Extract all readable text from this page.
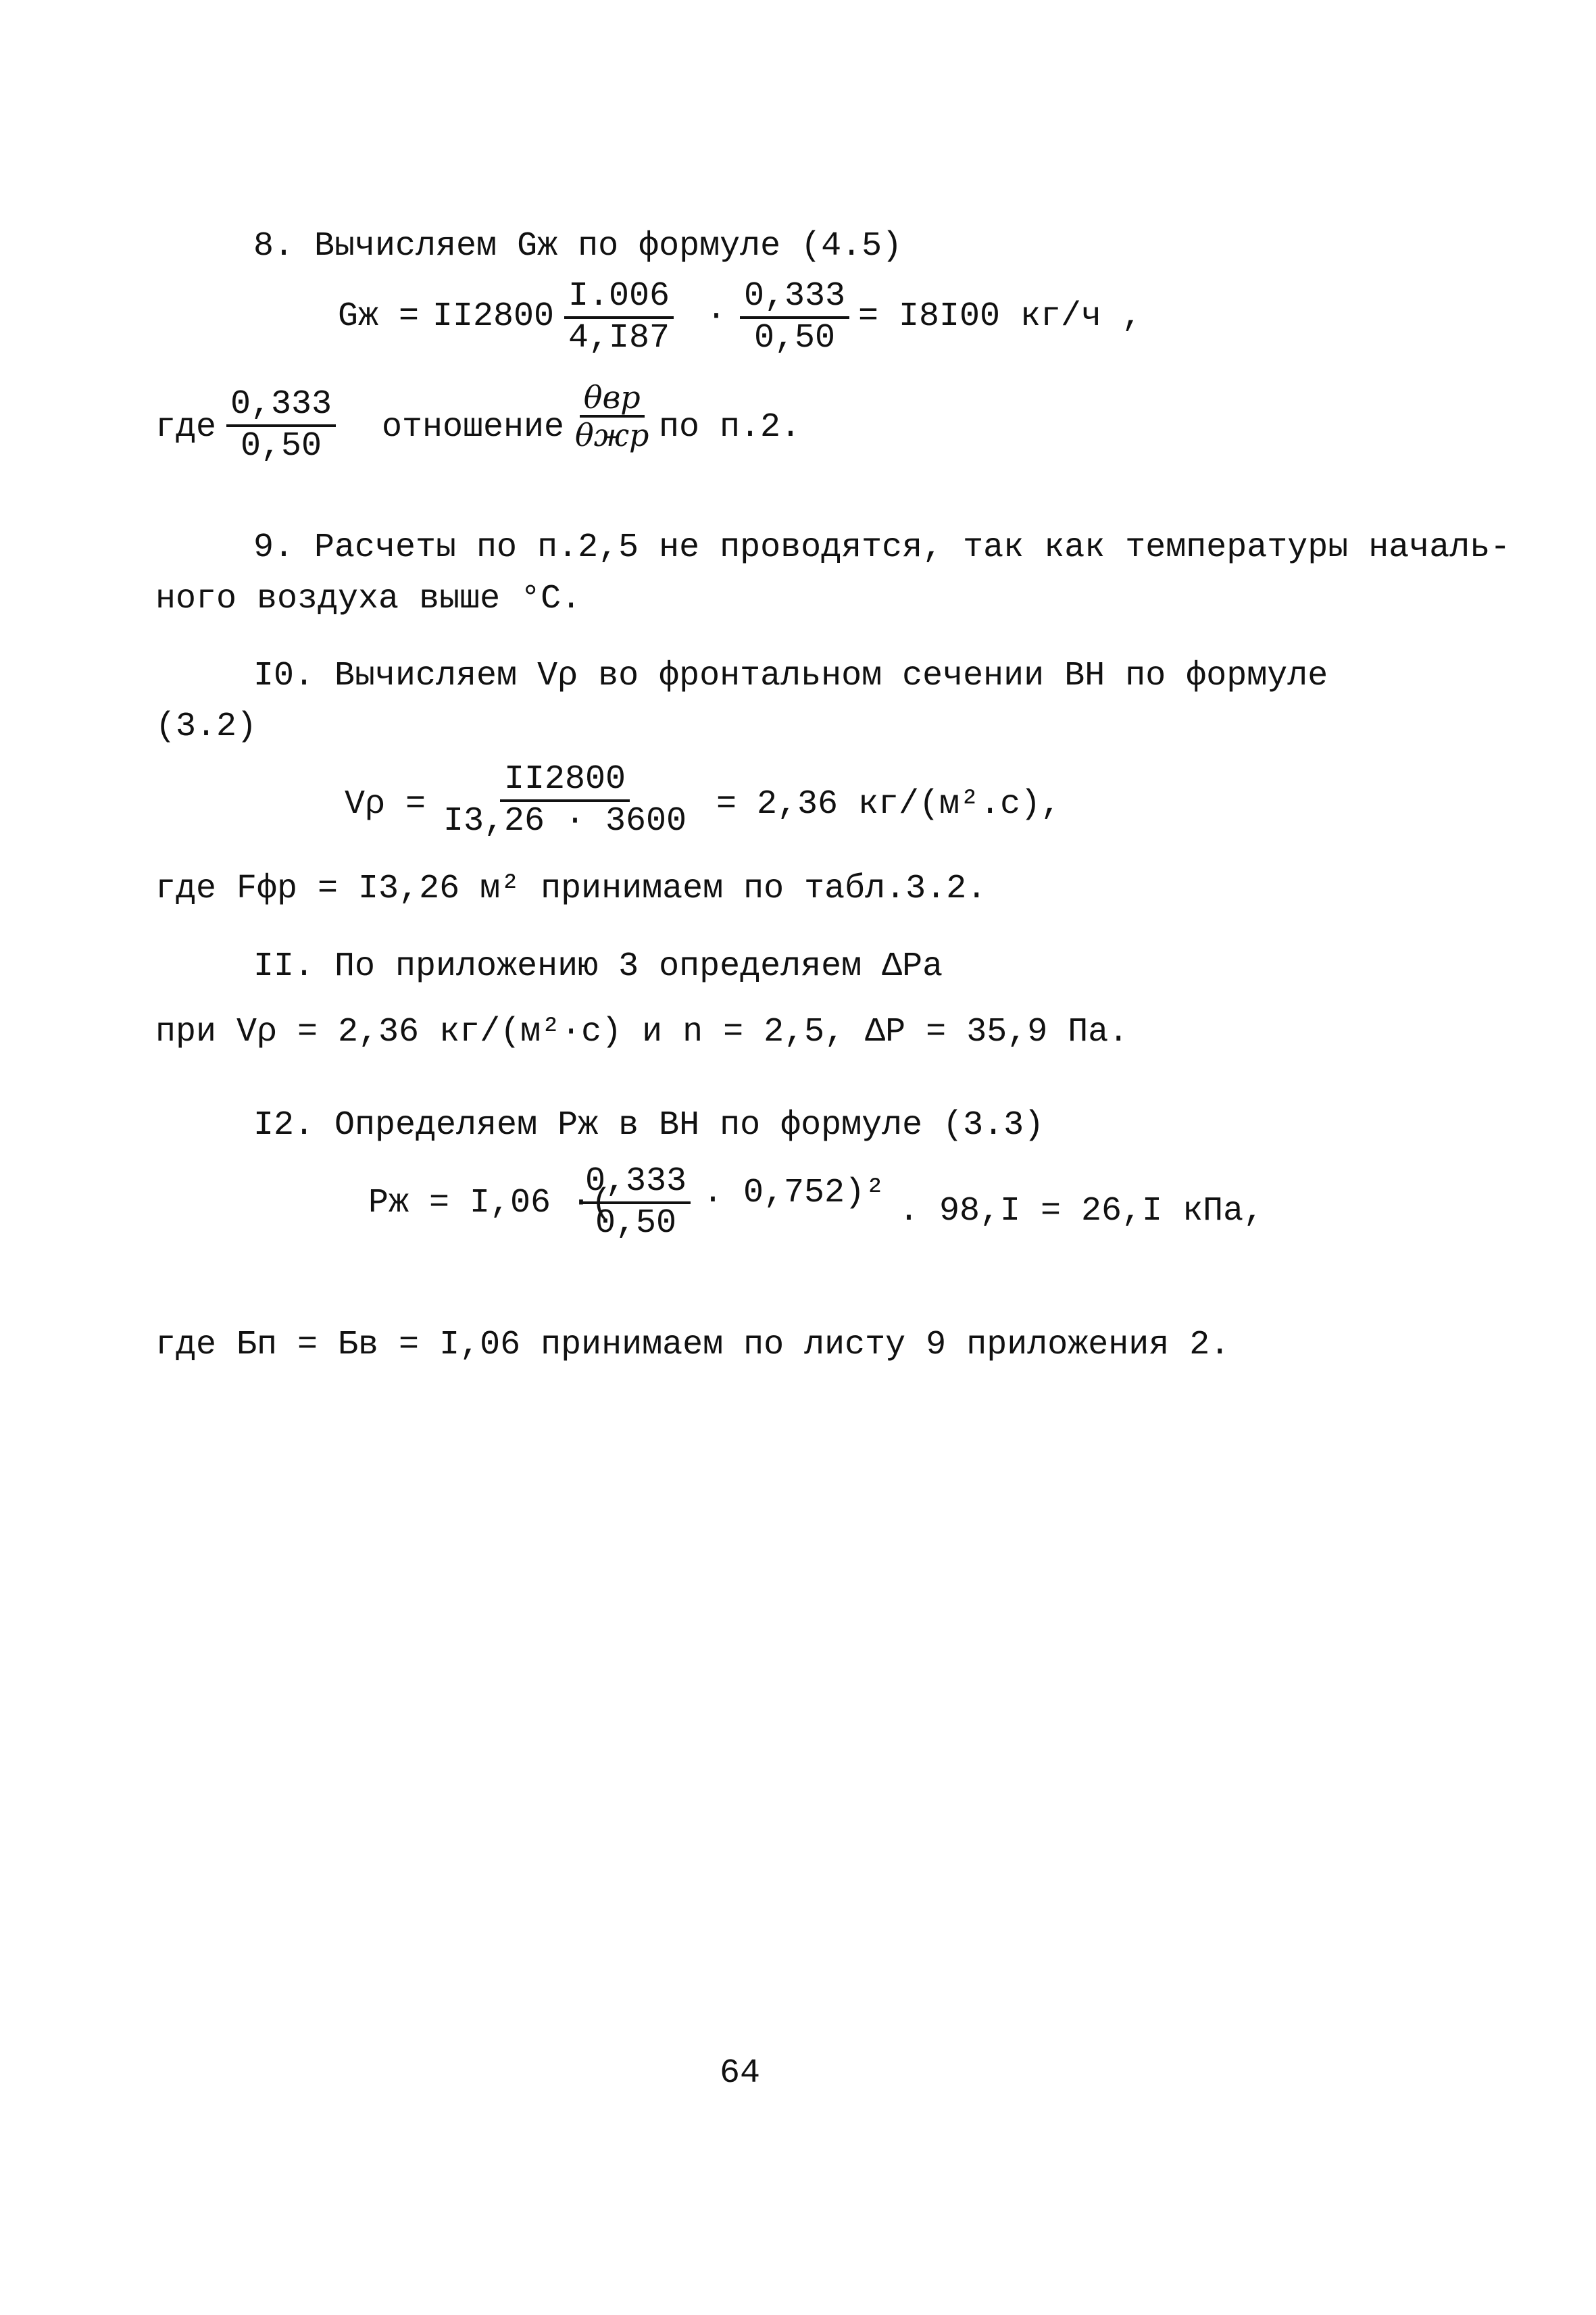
8. Вычисляем Gж по формуле (4.5)
Gж = $II2800 \frac{I.006}{4,I87} \cdot \frac{0,333}{0,50} = I8I00$ кг/ч ,
где $\frac{0,333}{0,50}$ отношение
θвр
θжр по п.2.
9. Расчеты по п.2,5 не проводятся, так как температуры началь-
ного воздуха выше °С.
I0. Вычисляем Vρ во фронтальном сечении ВН по формуле
(3.2)
$V\rho = \frac{II2800}{I3,26 \cdot 3600} = 2,36$ кг/(м².с),
где Fфр = I3,26 м² принимаем по табл.3.2.
II. По приложению 3 определяем ΔPa
при Vρ = 2,36 кг/(м²·с) и n = 2,5, ΔP = 35,9 Па.
I2. Определяем Pж в ВН по формуле (3.3)
Pж = I,06 ·(
$\frac{0,333}{0,50}$ . 0,752)² . 98,I = 26,I кПа,
где Бп = Бв = I,06 принимаем по листу 9 приложения 2.
64
